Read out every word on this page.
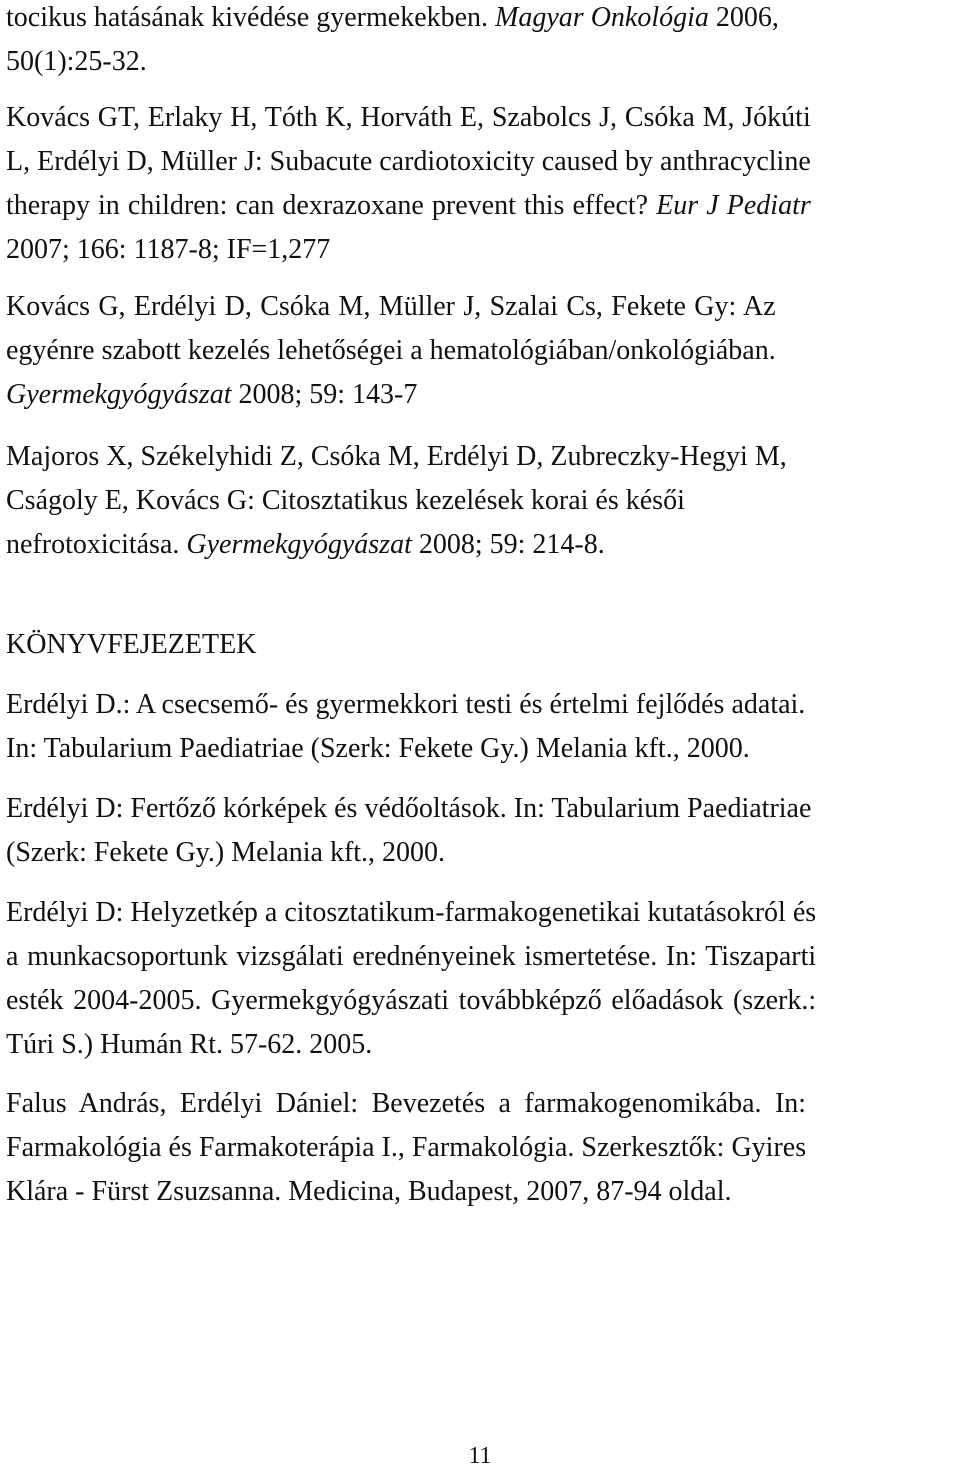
tocikus hatásának kivédése gyermekekben. Magyar Onkológia 2006,
50(1):25-32.
Kovács GT, Erlaky H, Tóth K, Horváth E, Szabolcs J, Csóka M, Jókúti
L, Erdélyi D, Müller J: Subacute cardiotoxicity caused by anthracycline
therapy in children: can dexrazoxane prevent this effect? Eur J Pediatr
2007; 166: 1187-8; IF=1,277
Kovács G, Erdélyi D, Csóka M, Müller J, Szalai Cs, Fekete Gy: Az
egyénre szabott kezelés lehetőségei a hematológiában/onkológiában.
Gyermekgyógyászat 2008; 59: 143-7
Majoros X, Székelyhidi Z, Csóka M, Erdélyi D, Zubreczky-Hegyi M,
Cságoly E, Kovács G: Citosztatikus kezelések korai és késői
nefrotoxicitása. Gyermekgyógyászat 2008; 59: 214-8.
KÖNYVFEJEZETEK
Erdélyi D.: A csecsemő- és gyermekkori testi és értelmi fejlődés adatai.
In: Tabularium Paediatriae (Szerk: Fekete Gy.) Melania kft., 2000.
Erdélyi D: Fertőző kórképek és védőoltások. In: Tabularium Paediatriae
(Szerk: Fekete Gy.) Melania kft., 2000.
Erdélyi D: Helyzetkép a citosztatikum-farmakogenetikai kutatásokról és
a munkacsoportunk vizsgálati erednényeinek ismertetése. In: Tiszaparti
esték 2004-2005. Gyermekgyógyászati továbbképző előadások (szerk.:
Túri S.) Humán Rt. 57-62. 2005.
Falus András, Erdélyi Dániel: Bevezetés a farmakogenomikába. In:
Farmakológia és Farmakoterápia I., Farmakológia. Szerkesztők: Gyires
Klára - Fürst Zsuzsanna. Medicina, Budapest, 2007, 87-94 oldal.
11
